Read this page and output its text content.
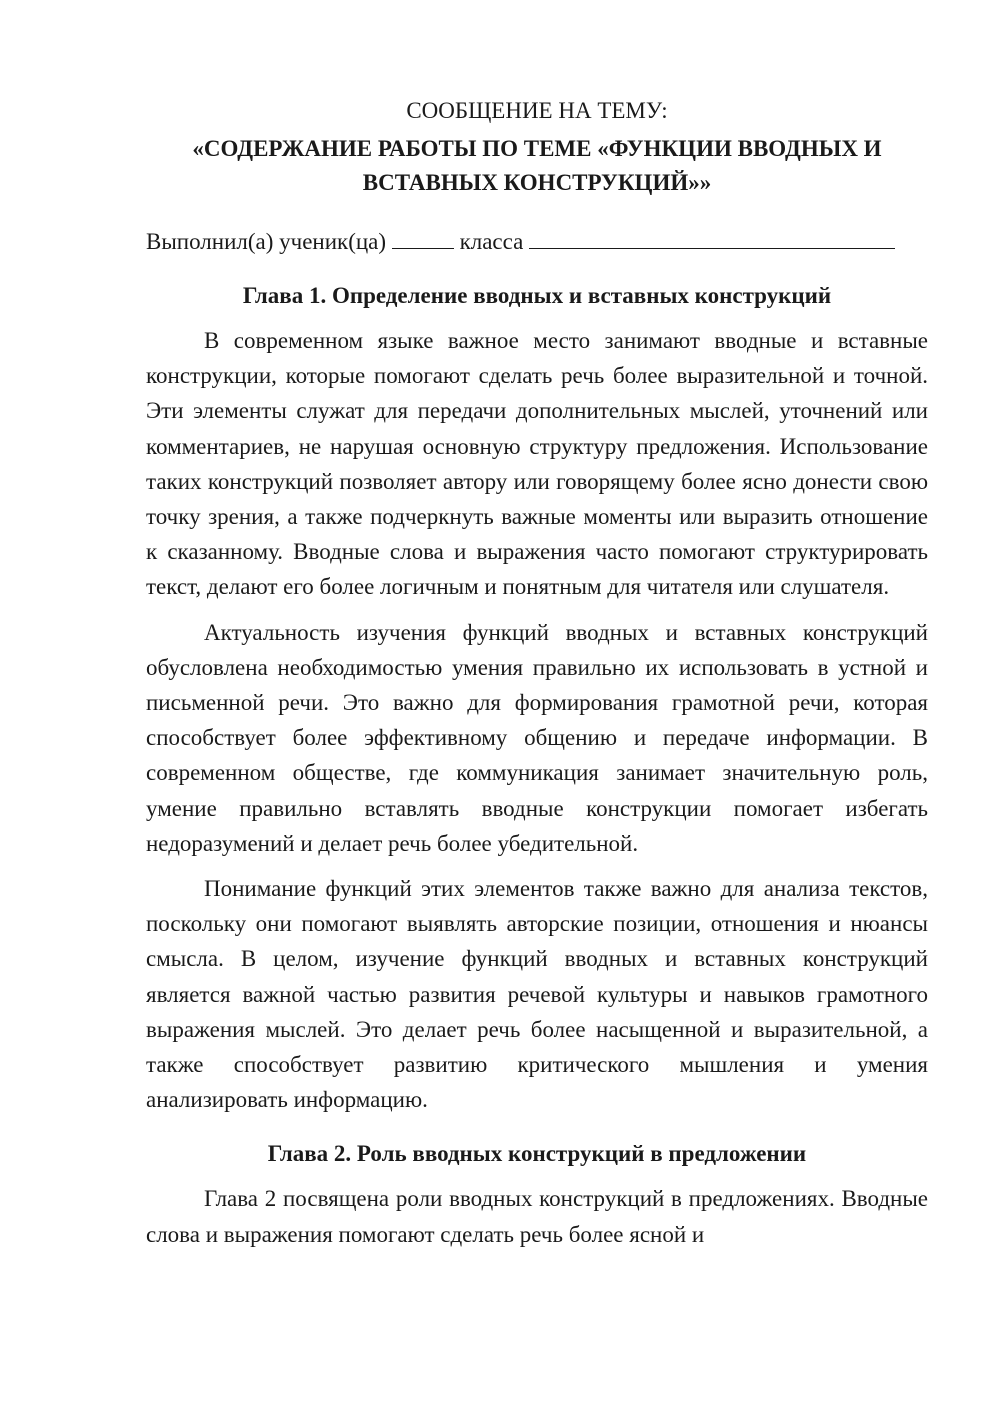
СООБЩЕНИЕ НА ТЕМУ:
«СОДЕРЖАНИЕ РАБОТЫ ПО ТЕМЕ «ФУНКЦИИ ВВОДНЫХ И ВСТАВНЫХ КОНСТРУКЦИЙ»»
Выполнил(а) ученик(ца)	класса
Глава 1. Определение вводных и вставных конструкций

В современном языке важное место занимают вводные и вставные конструкции, которые помогают сделать речь более выразительной и точной. Эти элементы служат для передачи дополнительных мыслей, уточнений или комментариев, не нарушая основную структуру предложения. Использование таких конструкций позволяет автору или говорящему более ясно донести свою точку зрения, а также подчеркнуть важные моменты или выразить отношение к сказанному. Вводные слова и выражения часто помогают структурировать текст, делают его более логичным и понятным для читателя или слушателя.

Актуальность изучения функций вводных и вставных конструкций обусловлена необходимостью умения правильно их использовать в устной и письменной речи. Это важно для формирования грамотной речи, которая способствует более эффективному общению и передаче информации. В современном обществе, где коммуникация занимает значительную роль, умение правильно вставлять вводные конструкции помогает избегать недоразумений и делает речь более убедительной.

Понимание функций этих элементов также важно для анализа текстов, поскольку они помогают выявлять авторские позиции, отношения и нюансы смысла. В целом, изучение функций вводных и вставных конструкций является важной частью развития речевой культуры и навыков грамотного выражения мыслей. Это делает речь более насыщенной и выразительной, а также способствует развитию критического мышления и умения анализировать информацию.

Глава 2. Роль вводных конструкций в предложении

Глава 2 посвящена роли вводных конструкций в предложениях. Вводные слова и выражения помогают сделать речь более ясной и
